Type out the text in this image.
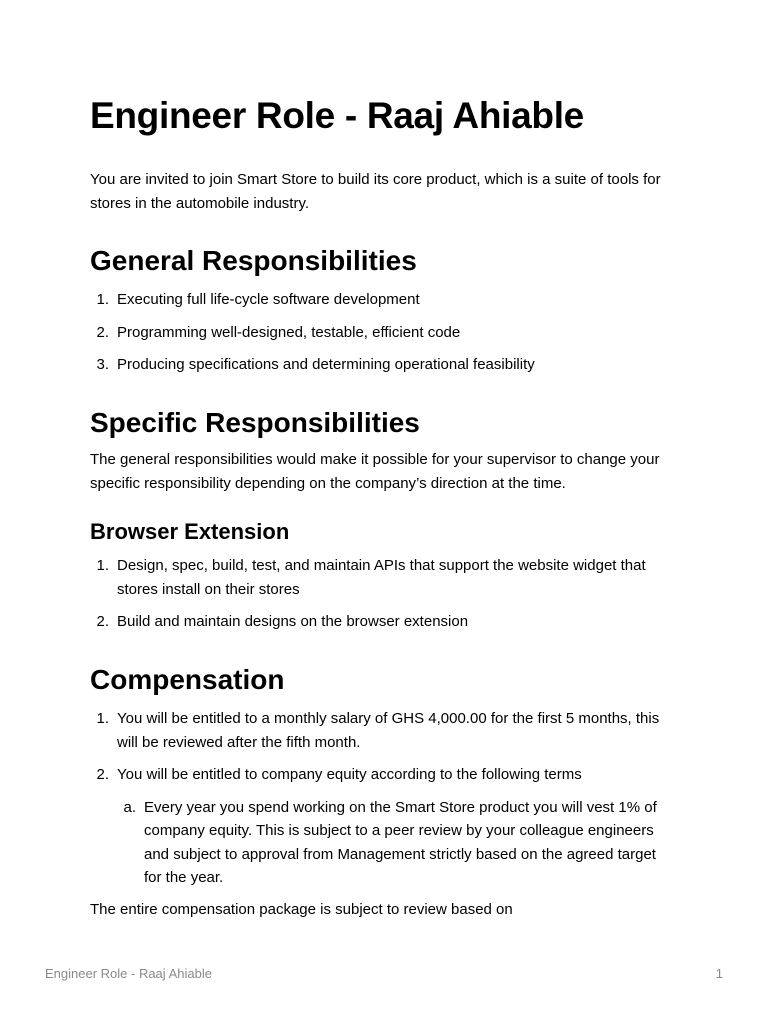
Engineer Role - Raaj Ahiable

You are invited to join Smart Store to build its core product, which is a suite of tools for stores in the automobile industry.

General Responsibilities
1. Executing full life-cycle software development
2. Programming well-designed, testable, efficient code
3. Producing specifications and determining operational feasibility
Specific Responsibilities

The general responsibilities would make it possible for your supervisor to change your specific responsibility depending on the company’s direction at the time.

Browser Extension
1. Design, spec, build, test, and maintain APIs that support the website widget that stores install on their stores
2. Build and maintain designs on the browser extension
Compensation
1. You will be entitled to a monthly salary of GHS 4,000.00 for the first 5 months, this will be reviewed after the fifth month.
2. You will be entitled to company equity according to the following terms
a. Every year you spend working on the Smart Store product you will vest 1% of company equity. This is subject to a peer review by your colleague engineers and subject to approval from Management strictly based on the agreed target for the year.

The entire compensation package is subject to review based on

Engineer Role - Raaj Ahiable	1
